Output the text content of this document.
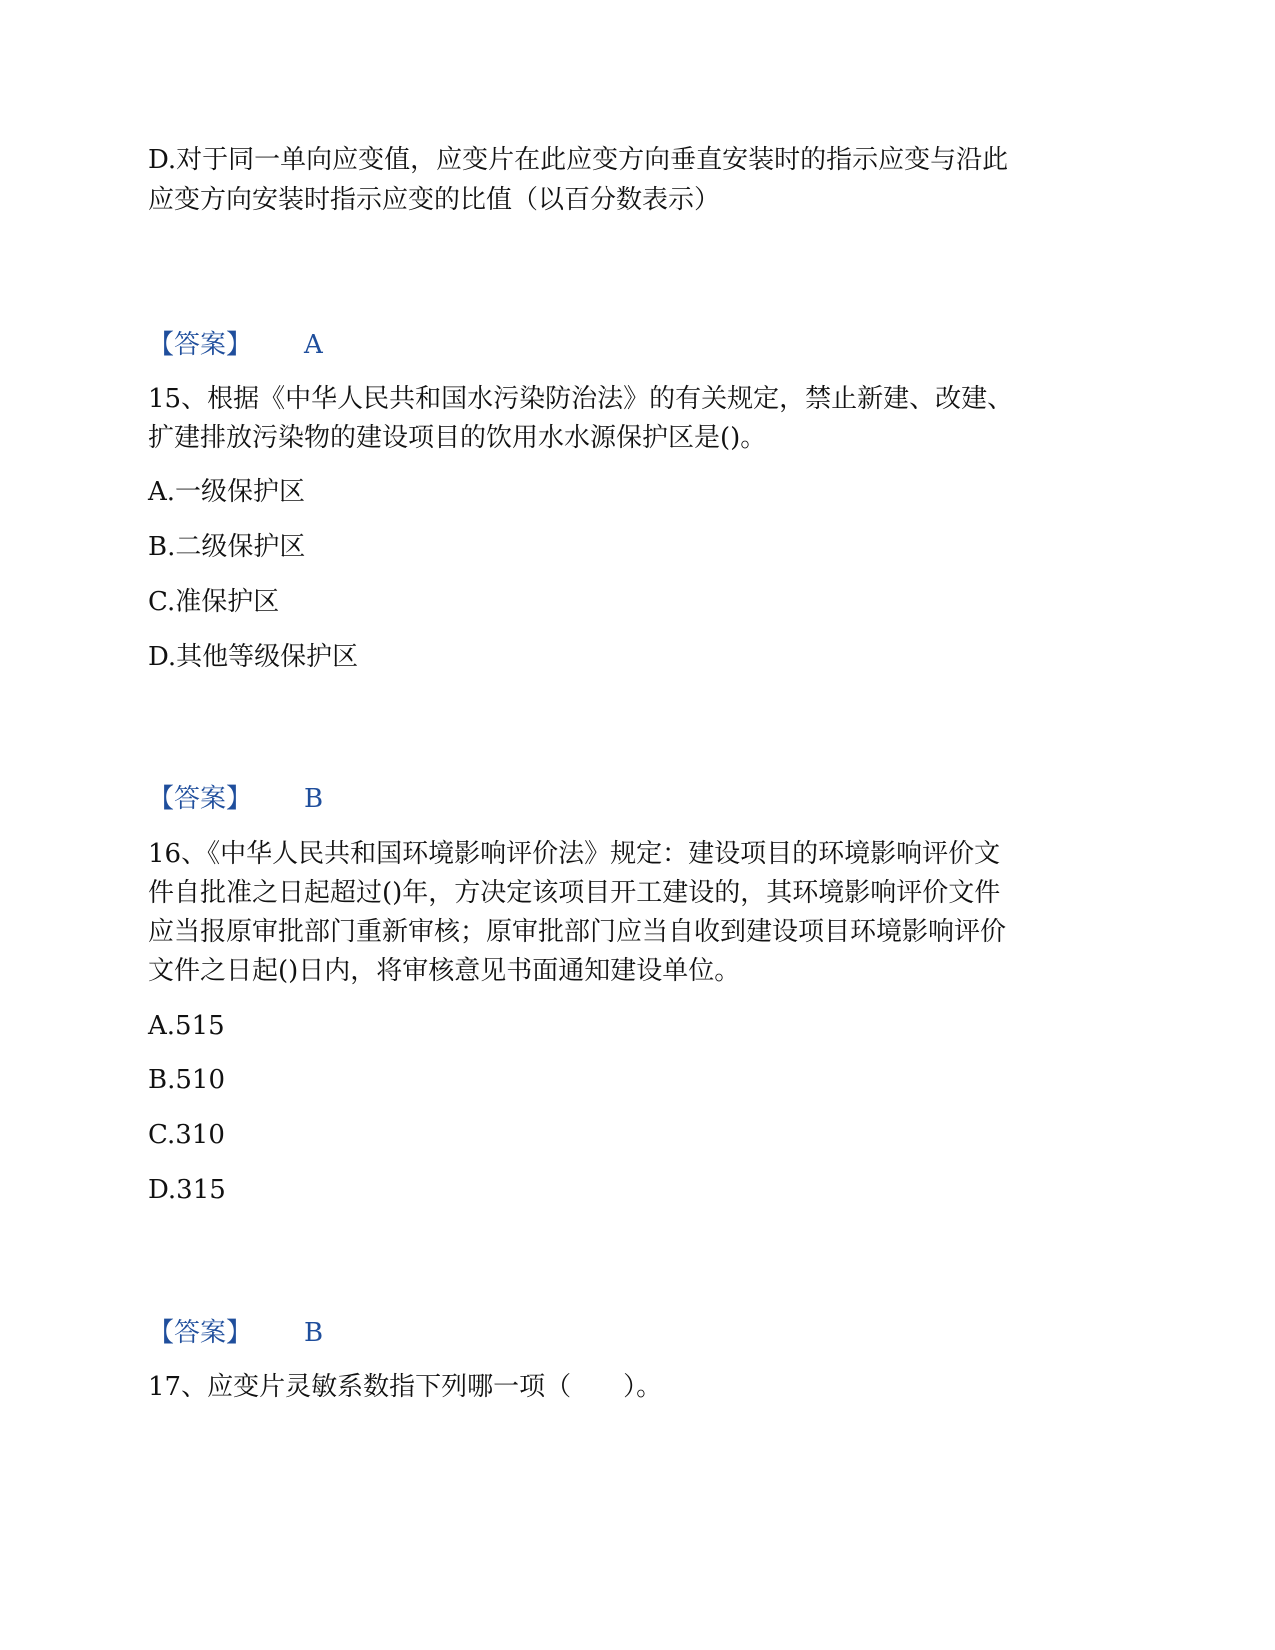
D.对于同一单向应变值，应变片在此应变方向垂直安装时的指示应变与沿此
应变方向安装时指示应变的比值（以百分数表示）
【答案】 A
15、根据《中华人民共和国水污染防治法》的有关规定，禁止新建、改建、
扩建排放污染物的建设项目的饮用水水源保护区是()。
A.一级保护区
B.二级保护区
C.准保护区
D.其他等级保护区
【答案】 B
16、《中华人民共和国环境影响评价法》规定：建设项目的环境影响评价文
件自批准之日起超过()年，方决定该项目开工建设的，其环境影响评价文件
应当报原审批部门重新审核；原审批部门应当自收到建设项目环境影响评价
文件之日起()日内，将审核意见书面通知建设单位。
A.515
B.510
C.310
D.315
【答案】 B
17、应变片灵敏系数指下列哪一项（　　）。
